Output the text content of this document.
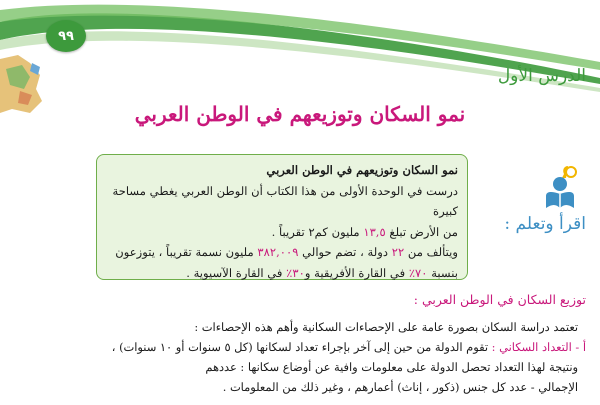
٩٩
الدرس الأول
نمو السكان وتوزيعهم في الوطن العربي
اقرأ وتعلم :
نمو السكان وتوزيعهم في الوطن العربي
درست في الوحدة الأولى من هذا الكتاب أن الوطن العربي يغطي مساحة كبيرة
من الأرض تبلغ ١٣,٥ مليون كم٢ تقريباً .
ويتألف من ٢٢ دولة ، تضم حوالي ٣٨٢,٠٠٩ مليون نسمة تقريباً ، يتوزعون
بنسبة ٧٠٪ في القارة الأفريقية و٣٠٪ في القارة الآسيوية .
توزيع السكان في الوطن العربي :
تعتمد دراسة السكان بصورة عامة على الإحصاءات السكانية وأهم هذه الإحصاءات :
أ - التعداد السكاني : تقوم الدولة من حين إلى آخر بإجراء تعداد لسكانها (كل ٥ سنوات أو ١٠ سنوات) ،
ونتيجة لهذا التعداد تحصل الدولة على معلومات وافية عن أوضاع سكانها : عددهم
الإجمالي - عدد كل جنس (ذكور ، إناث) أعمارهم ، وغير ذلك من المعلومات .
